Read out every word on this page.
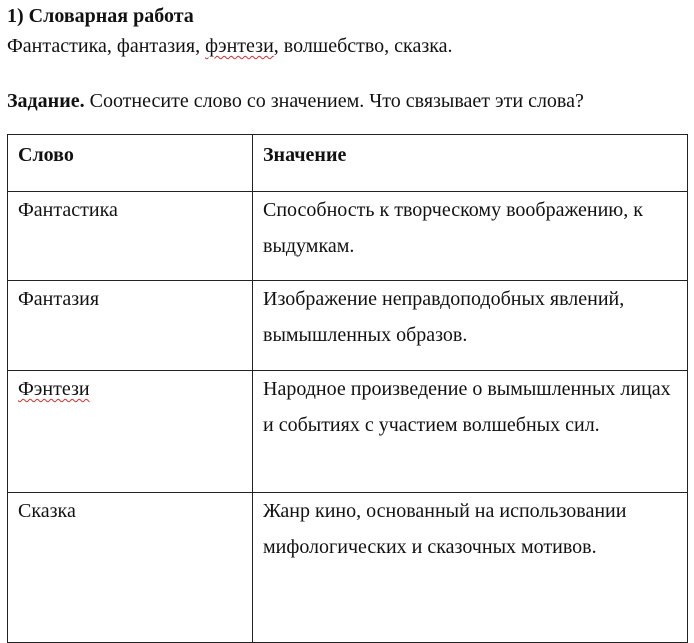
1) Словарная работа
Фантастика, фантазия, фэнтези, волшебство, сказка.
Задание. Соотнесите слово со значением. Что связывает эти слова?
Слово	Значение
Фантастика	Способность к творческому воображению, к выдумкам.
Фантазия	Изображение неправдоподобных явлений, вымышленных образов.
Фэнтези	Народное произведение о вымышленных лицах и событиях с участием волшебных сил.
Сказка	Жанр кино, основанный на использовании мифологических и сказочных мотивов.
